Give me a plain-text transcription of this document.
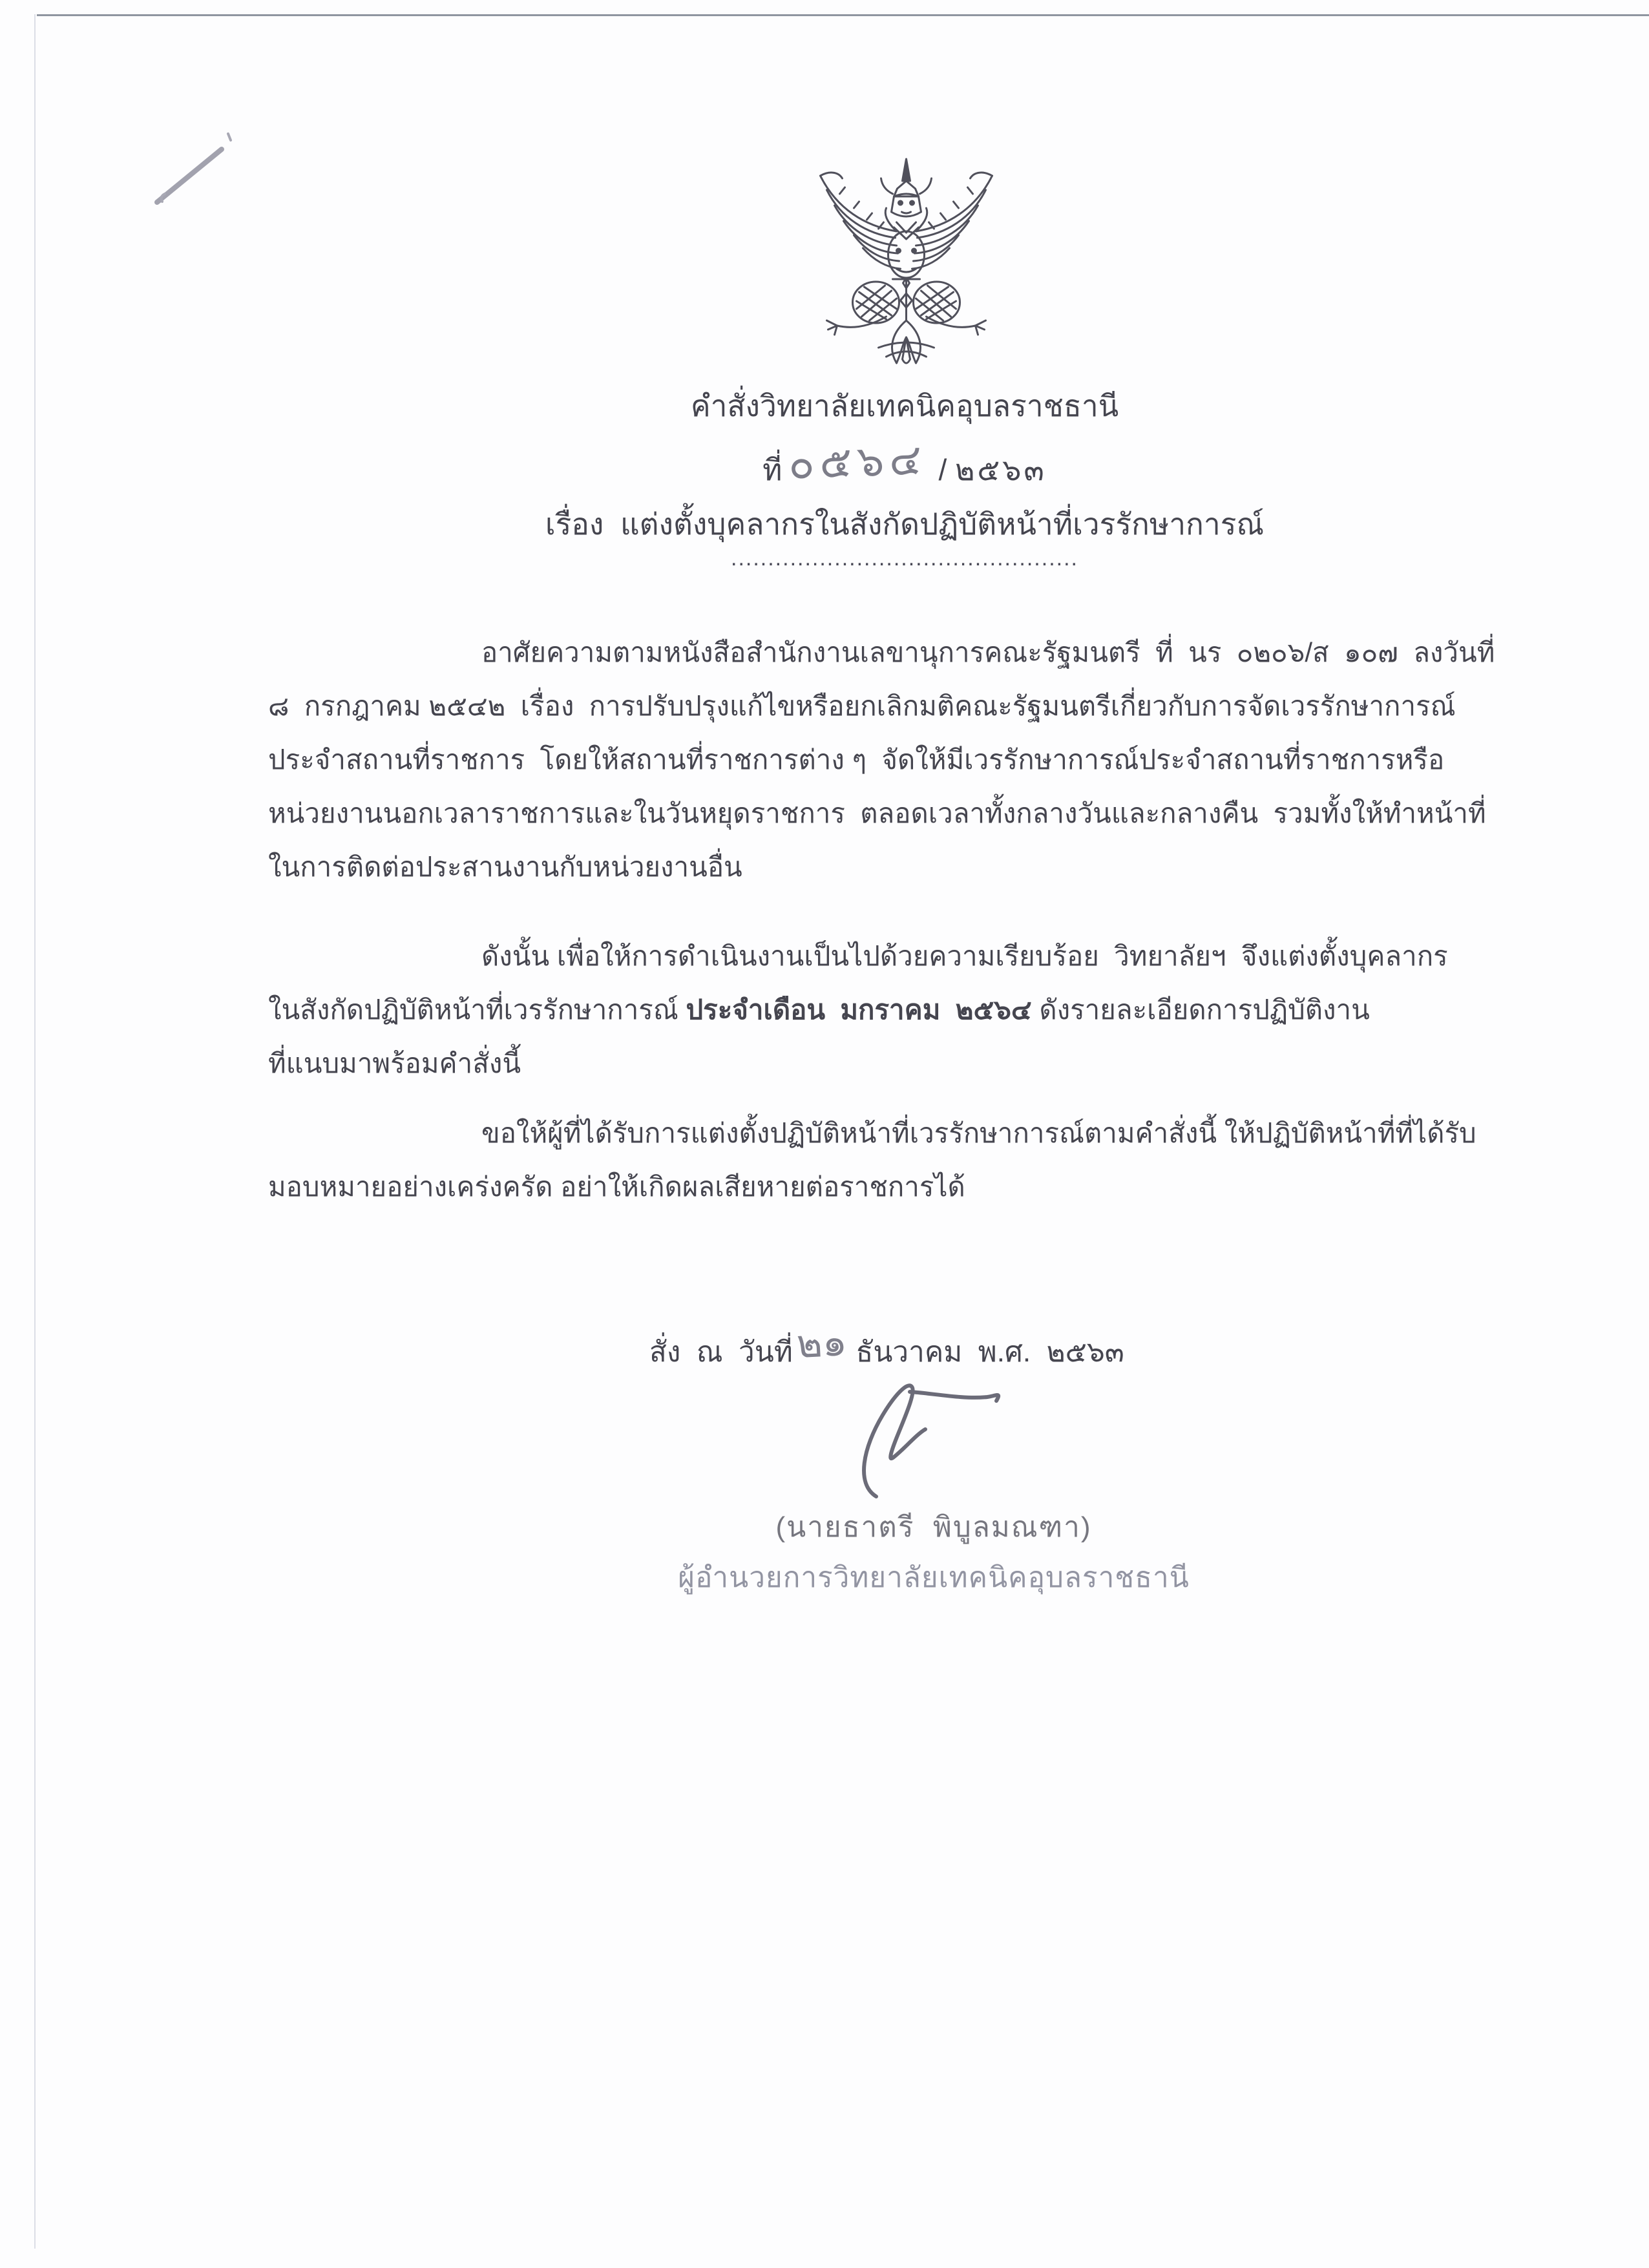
คำสั่งวิทยาลัยเทคนิคอุบลราชธานี
ที่ ๐๕๖๔ / ๒๕๖๓
เรื่อง แต่งตั้งบุคลากรในสังกัดปฏิบัติหน้าที่เวรรักษาการณ์
...............................................
อาศัยความตามหนังสือสำนักงานเลขานุการคณะรัฐมนตรี  ที่  นร  ๐๒๐๖/ส  ๑๐๗  ลงวันที่
๘  กรกฎาคม ๒๕๔๒  เรื่อง  การปรับปรุงแก้ไขหรือยกเลิกมติคณะรัฐมนตรีเกี่ยวกับการจัดเวรรักษาการณ์
ประจำสถานที่ราชการ  โดยให้สถานที่ราชการต่าง ๆ  จัดให้มีเวรรักษาการณ์ประจำสถานที่ราชการหรือ
หน่วยงานนอกเวลาราชการและในวันหยุดราชการ  ตลอดเวลาทั้งกลางวันและกลางคืน  รวมทั้งให้ทำหน้าที่
ในการติดต่อประสานงานกับหน่วยงานอื่น
ดังนั้น เพื่อให้การดำเนินงานเป็นไปด้วยความเรียบร้อย  วิทยาลัยฯ  จึงแต่งตั้งบุคลากร
ในสังกัดปฏิบัติหน้าที่เวรรักษาการณ์ ประจำเดือน  มกราคม  ๒๕๖๔ ดังรายละเอียดการปฏิบัติงาน
ที่แนบมาพร้อมคำสั่งนี้
ขอให้ผู้ที่ได้รับการแต่งตั้งปฏิบัติหน้าที่เวรรักษาการณ์ตามคำสั่งนี้ ให้ปฏิบัติหน้าที่ที่ได้รับ
มอบหมายอย่างเคร่งครัด อย่าให้เกิดผลเสียหายต่อราชการได้
สั่ง  ณ  วันที่๒๑ ธันวาคม  พ.ศ.  ๒๕๖๓
(นายธาตรี  พิบูลมณฑา)
ผู้อำนวยการวิทยาลัยเทคนิคอุบลราชธานี
